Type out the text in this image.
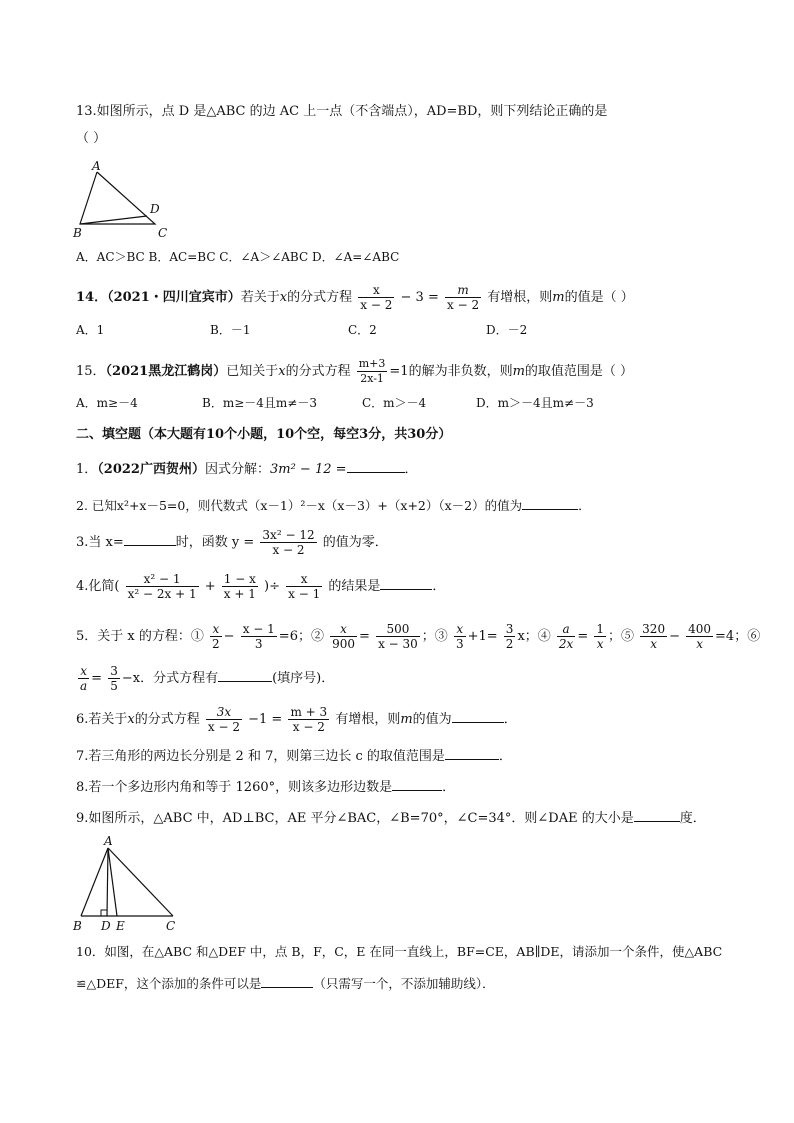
13.如图所示，点 D 是△ABC 的边 AC 上一点（不含端点），AD=BD，则下列结论正确的是
（ ）
A
B	C
D
A．AC＞BC B．AC=BC C．∠A＞∠ABC D．∠A=∠ABC
14．（2021・四川宜宾市）若关于x的分式方程 $\frac{x}{x - 2} - 3 = \frac{m}{x - 2}$ 有增根，则m的值是（ ）
A．1	B．－1	C．2	D．－2
15．（2021黑龙江鹤岗）已知关于x的分式方程 $\frac{m+3}{2x-1} =1$的解为非负数，则m的取值范围是（ ）
A．m≥－4	B．m≥－4且m≠－3	C．m＞－4	D．m＞－4且m≠－3
二、填空题（本大题有10个小题，10个空，每空3分，共30分）
1．（2022广西贺州）因式分解：3m² − 12 =	．
2. 已知x²+x－5=0，则代数式（x－1）²－x（x－3）+（x+2）（x－2）的值为	．
3.当 x=	时，函数 $y = \frac{\text{3x² − 12}}{x - 2}$ 的值为零．
4.化简( $\frac{\text{x² − 1}}{\text{x² − 2x + 1}} + \frac{1 - x}{x + 1}$ )÷ $\frac{x}{x - 1}$ 的结果是	．
5．关于 x 的方程：① $\frac{x}{2} - \frac{x - 1}{3} =6$；② $\frac{x}{900} = \frac{500}{x - 30}$ ；③ $\frac{x}{3} +1= \frac{3}{2}$ x；④ $\frac{a}{2x} = \frac{1}{x}$ ；⑤ $\frac{320}{x} - \frac{400}{x} =4$；⑥
$\frac{x}{a} = \frac{3}{5} -x$．分式方程有	(填序号)．
6.若关于x的分式方程 $\frac{3x}{x - 2} -1 = \frac{m + 3}{x - 2}$ 有增根，则m的值为	．
7.若三角形的两边长分别是 2 和 7，则第三边长 c 的取值范围是	．
8.若一个多边形内角和等于 1260°，则该多边形边数是	．
9.如图所示，△ABC 中，AD⊥BC，AE 平分∠BAC，∠B=70°，∠C=34°．则∠DAE 的大小是	度．
A
B D E	C
10．如图，在△ABC 和△DEF 中，点 B，F，C，E 在同一直线上，BF=CE，AB∥DE，请添加一个条件，使△ABC
≌△DEF，这个添加的条件可以是	（只需写一个，不添加辅助线）．
